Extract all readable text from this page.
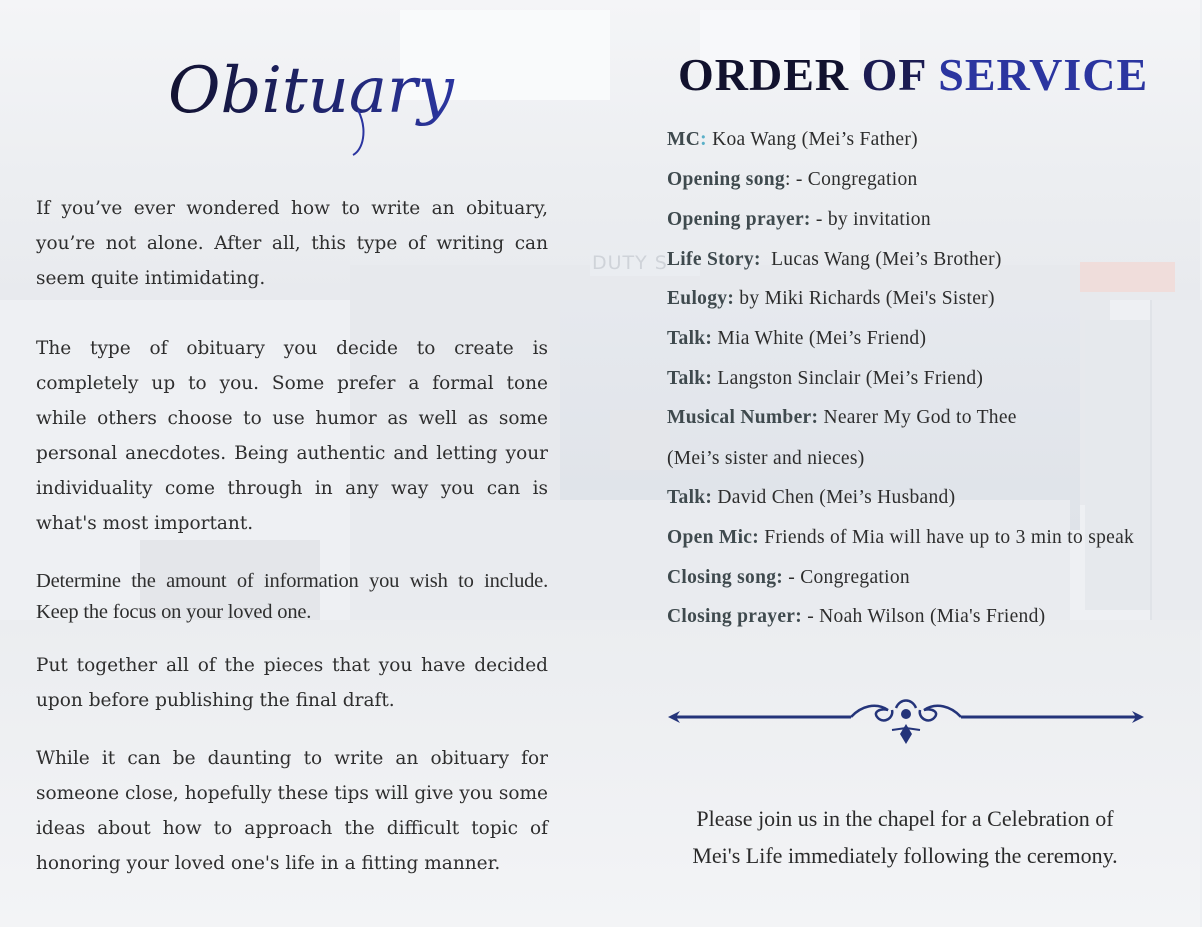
DUTY S
Obituary

If you’ve ever wondered how to write an obituary, you’re not alone. After all, this type of writing can seem quite intimidating.

The type of obituary you decide to create is completely up to you. Some prefer a formal tone while others choose to use humor as well as some personal anecdotes. Being authentic and letting your individuality come through in any way you can is what's most important.

Determine the amount of information you wish to include. Keep the focus on your loved one.

Put together all of the pieces that you have decided upon before publishing the final draft.

While it can be daunting to write an obituary for someone close, hopefully these tips will give you some ideas about how to approach the difficult topic of honoring your loved one's life in a fitting manner.

ORDER OF SERVICE

MC: Koa Wang (Mei’s Father)

Opening song: - Congregation

Opening prayer: - by invitation

Life Story:  Lucas Wang (Mei’s Brother)

Eulogy: by Miki Richards (Mei's Sister)

Talk: Mia White (Mei’s Friend)

Talk: Langston Sinclair (Mei’s Friend)

Musical Number: Nearer My God to Thee

(Mei’s sister and nieces)

Talk: David Chen (Mei’s Husband)

Open Mic: Friends of Mia will have up to 3 min to speak

Closing song: - Congregation

Closing prayer: - Noah Wilson (Mia's Friend)

Please join us in the chapel for a Celebration of
Mei's Life immediately following the ceremony.
